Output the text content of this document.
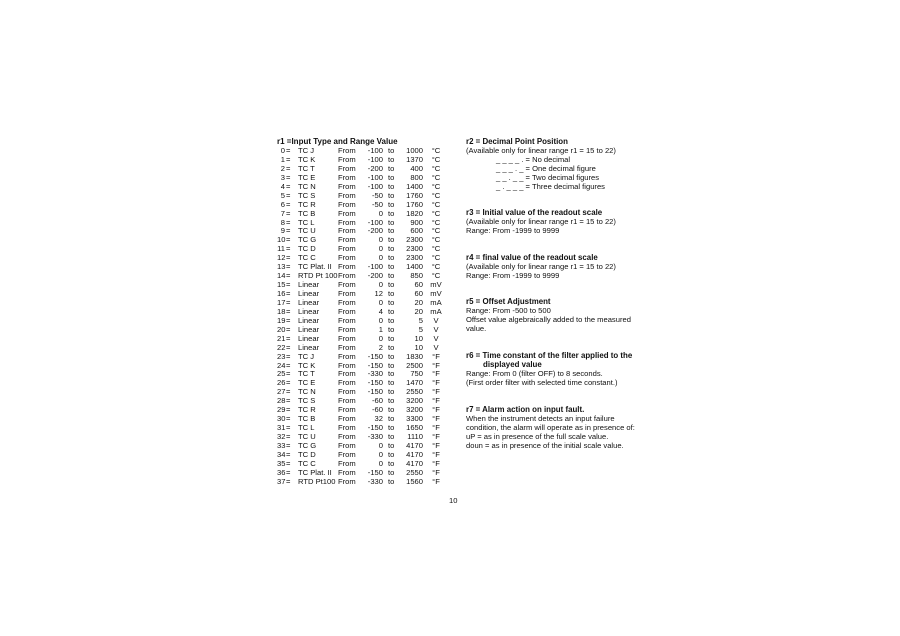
r1 =Input Type and Range Value
0 = TC J	From	-100 to	1000	°C
1 = TC K	From	-100 to	1370	°C
2 = TC T	From	-200 to	400	°C
3 = TC E	From	-100 to	800	°C
4 = TC N	From	-100 to	1400	°C
5 = TC S	From	-50 to	1760	°C
6 = TC R	From	-50 to	1760	°C
7 = TC B	From	0 to	1820	°C
8 = TC L	From	-100 to	900	°C
9 = TC U	From	-200 to	600	°C
10 = TC G	From	0 to	2300	°C
11 = TC D	From	0 to	2300	°C
12 = TC C	From	0 to	2300	°C
13 = TC Plat. II From	-100 to	1400	°C
14 = RTD Pt 100 From	-200 to	850	°C
15 = Linear From	0 to	60 mV
16 = Linear From	12 to	60 mV
17 = Linear From	0 to	20 mA
18 = Linear From	4 to	20 mA
19 = Linear From	0 to	5	V
20 = Linear From	1 to	5	V
21 = Linear From	0 to	10	V
22 = Linear From	2 to	10	V
23 = TC J	From	-150 to	1830	°F
24 = TC K	From	-150 to	2500	°F
25 = TC T	From	-330 to	750	°F
26 = TC E	From	-150 to	1470	°F
27 = TC N	From	-150 to	2550	°F
28 = TC S	From	-60 to	3200	°F
29 = TC R	From	-60 to	3200	°F
30 = TC B	From	32 to	3300	°F
31 = TC L	From	-150 to	1650	°F
32 = TC U	From	-330 to	1110	°F
33 = TC G	From	0 to	4170	°F
34 = TC D	From	0 to	4170	°F
35 = TC C	From	0 to	4170	°F
36 = TC Plat. II From	-150 to	2550	°F
37 = RTD Pt100 From	-330 to	1560	°F
r2 = Decimal Point Position
(Available only for linear range r1 = 15 to 22)
_ _ _ _ . = No decimal
_ _ _ . _ = One decimal figure
_ _ . _ _ = Two decimal figures
_ . _ _ _ = Three decimal figures
r3 = Initial value of the readout scale
(Available only for linear range r1 = 15 to 22)
Range: From -1999 to 9999
r4 = final value of the readout scale
(Available only for linear range r1 = 15 to 22)
Range: From -1999 to 9999
r5 = Offset Adjustment
Range: From -500 to 500
Offset value algebraically added to the measured value.
r6 = Time constant of the filter applied to the
displayed value
Range: From 0 (filter OFF) to 8 seconds.
(First order filter with selected time constant.)
r7 = Alarm action on input fault.
When the instrument detects an input failure condition, the alarm will operate as in presence of:
uP = as in presence of the full scale value.
doun = as in presence of the initial scale value.
10
